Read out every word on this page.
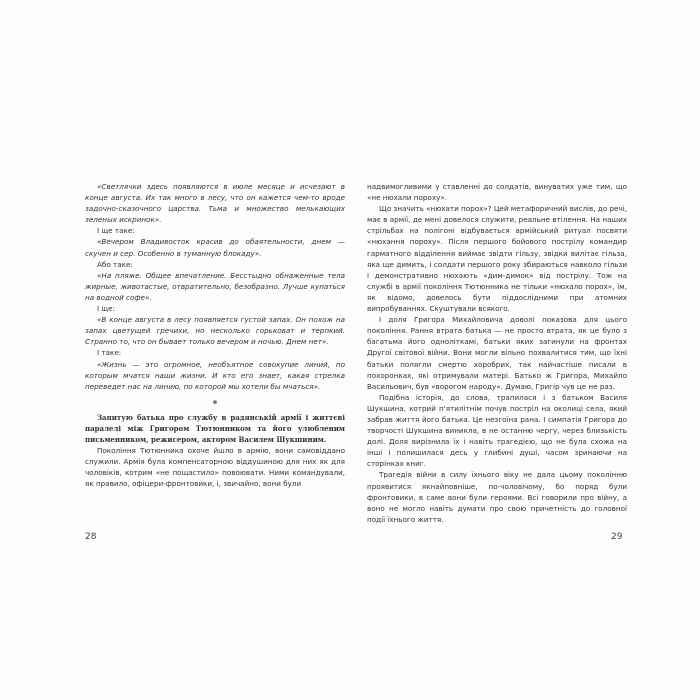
«Светлячки здесь появляются в июле месяце и исчезают в конце августа. Их так много в лесу, что он кажется чем-то вроде задочно-сказочного царства. Тьма и множество мелькающих зеленых искринок».

І ще таке:

«Вечером Владивосток красив до обаятельности, днем — скучен и сер. Особенно в туманную блокаду».

Або таке:

«На пляже. Общее впечатление. Бесстыдно обнаженные тела жирные, животастые, отвратительно, безобразно. Лучше купаться на водной софе».

І ще:

«В конце августа в лесу появляется густой запах. Он похож на запах цветущей гречихи, но несколько горьковат и терпкий. Странно то, что он бывает только вечером и ночью. Днем нет».

І таке:

«Жизнь — это огромное, необъятное совокупие линий, по которым мчатся наши жизни. И кто его знает, какая стрелка переведет нас на линию, по которой мы хотели бы мчаться».

*

Запитую батька про службу в радянській армії і життєві паралелі між Григором Тютюнником та його улюбленим письменником, режисером, актором Василем Шукшиним.

Покоління Тютюнника охоче йшло в армію, вони самовіддано служили. Армія була компенсаторною віддушиною для них як для чоловіків, котрим «не пощастило» повоювати. Ними командували, як правило, офіцери-фронтовики, і, звичайно, вони були

28	29

надвимогливими у ставленні до солдатів, винуватих уже тим, що «не нюхали пороху».

Що значить «нюхати порох»? Цей метафоричний вислів, до речі, має в армії, де мені довелося служити, реальне втілення. На наших стрільбах на полігоні відбувається армійський ритуал посвяти «нюхання пороху». Після першого бойового пострілу командир гарматного відділення виймає звідти гільзу, звідки вилітає гільза, яка ще димить, і солдати першого року збираються навколо гільзи і демонстративно нюхають «дим-димок» від пострілу. Тож на службі в армії покоління Тютюнника не тільки «нюхало порох», їм, як відомо, довелось бути піддослідними при атомних випробуваннях. Скуштували всякого.

І доля Григора Михайловича доволі показова для цього покоління. Рання втрата батька — не просто втрата, як це було з багатьма його одноліткамі, батьки яких загинули на фронтах Другої світової війни. Вони могли вільно похвалитися тим, що їхні батьки полягли смертю хоробрих, так найчастіше писали в похоронках, які отримували матері. Батько ж Григора, Михайло Васильович, був «ворогом народу». Думаю, Григір чув це не раз.

Подібна історія, до слова, трапилася і з батьком Василя Шукшина, котрий п'ятилітнім почув постріл на околиці села, який забрав життя його батька. Це незгоїна рана. І симпатія Григора до творчості Шукшина виникла, в не останню чергу, через близькість долі. Доля вирізнила їх і навіть трагедією, що не була схожа на інші і полишилася десь у глибині душі, часом зринаючи на сторінках книг.

Трагедія війни в силу їхнього віку не дала цьому поколінню проявитися якнайповніше, по-чоловічому, бо поряд були фронтовики, в саме вони були героями. Всі говорили про війну, а воно не могло навіть думати про свою причетність до головної події їхнього життя.
